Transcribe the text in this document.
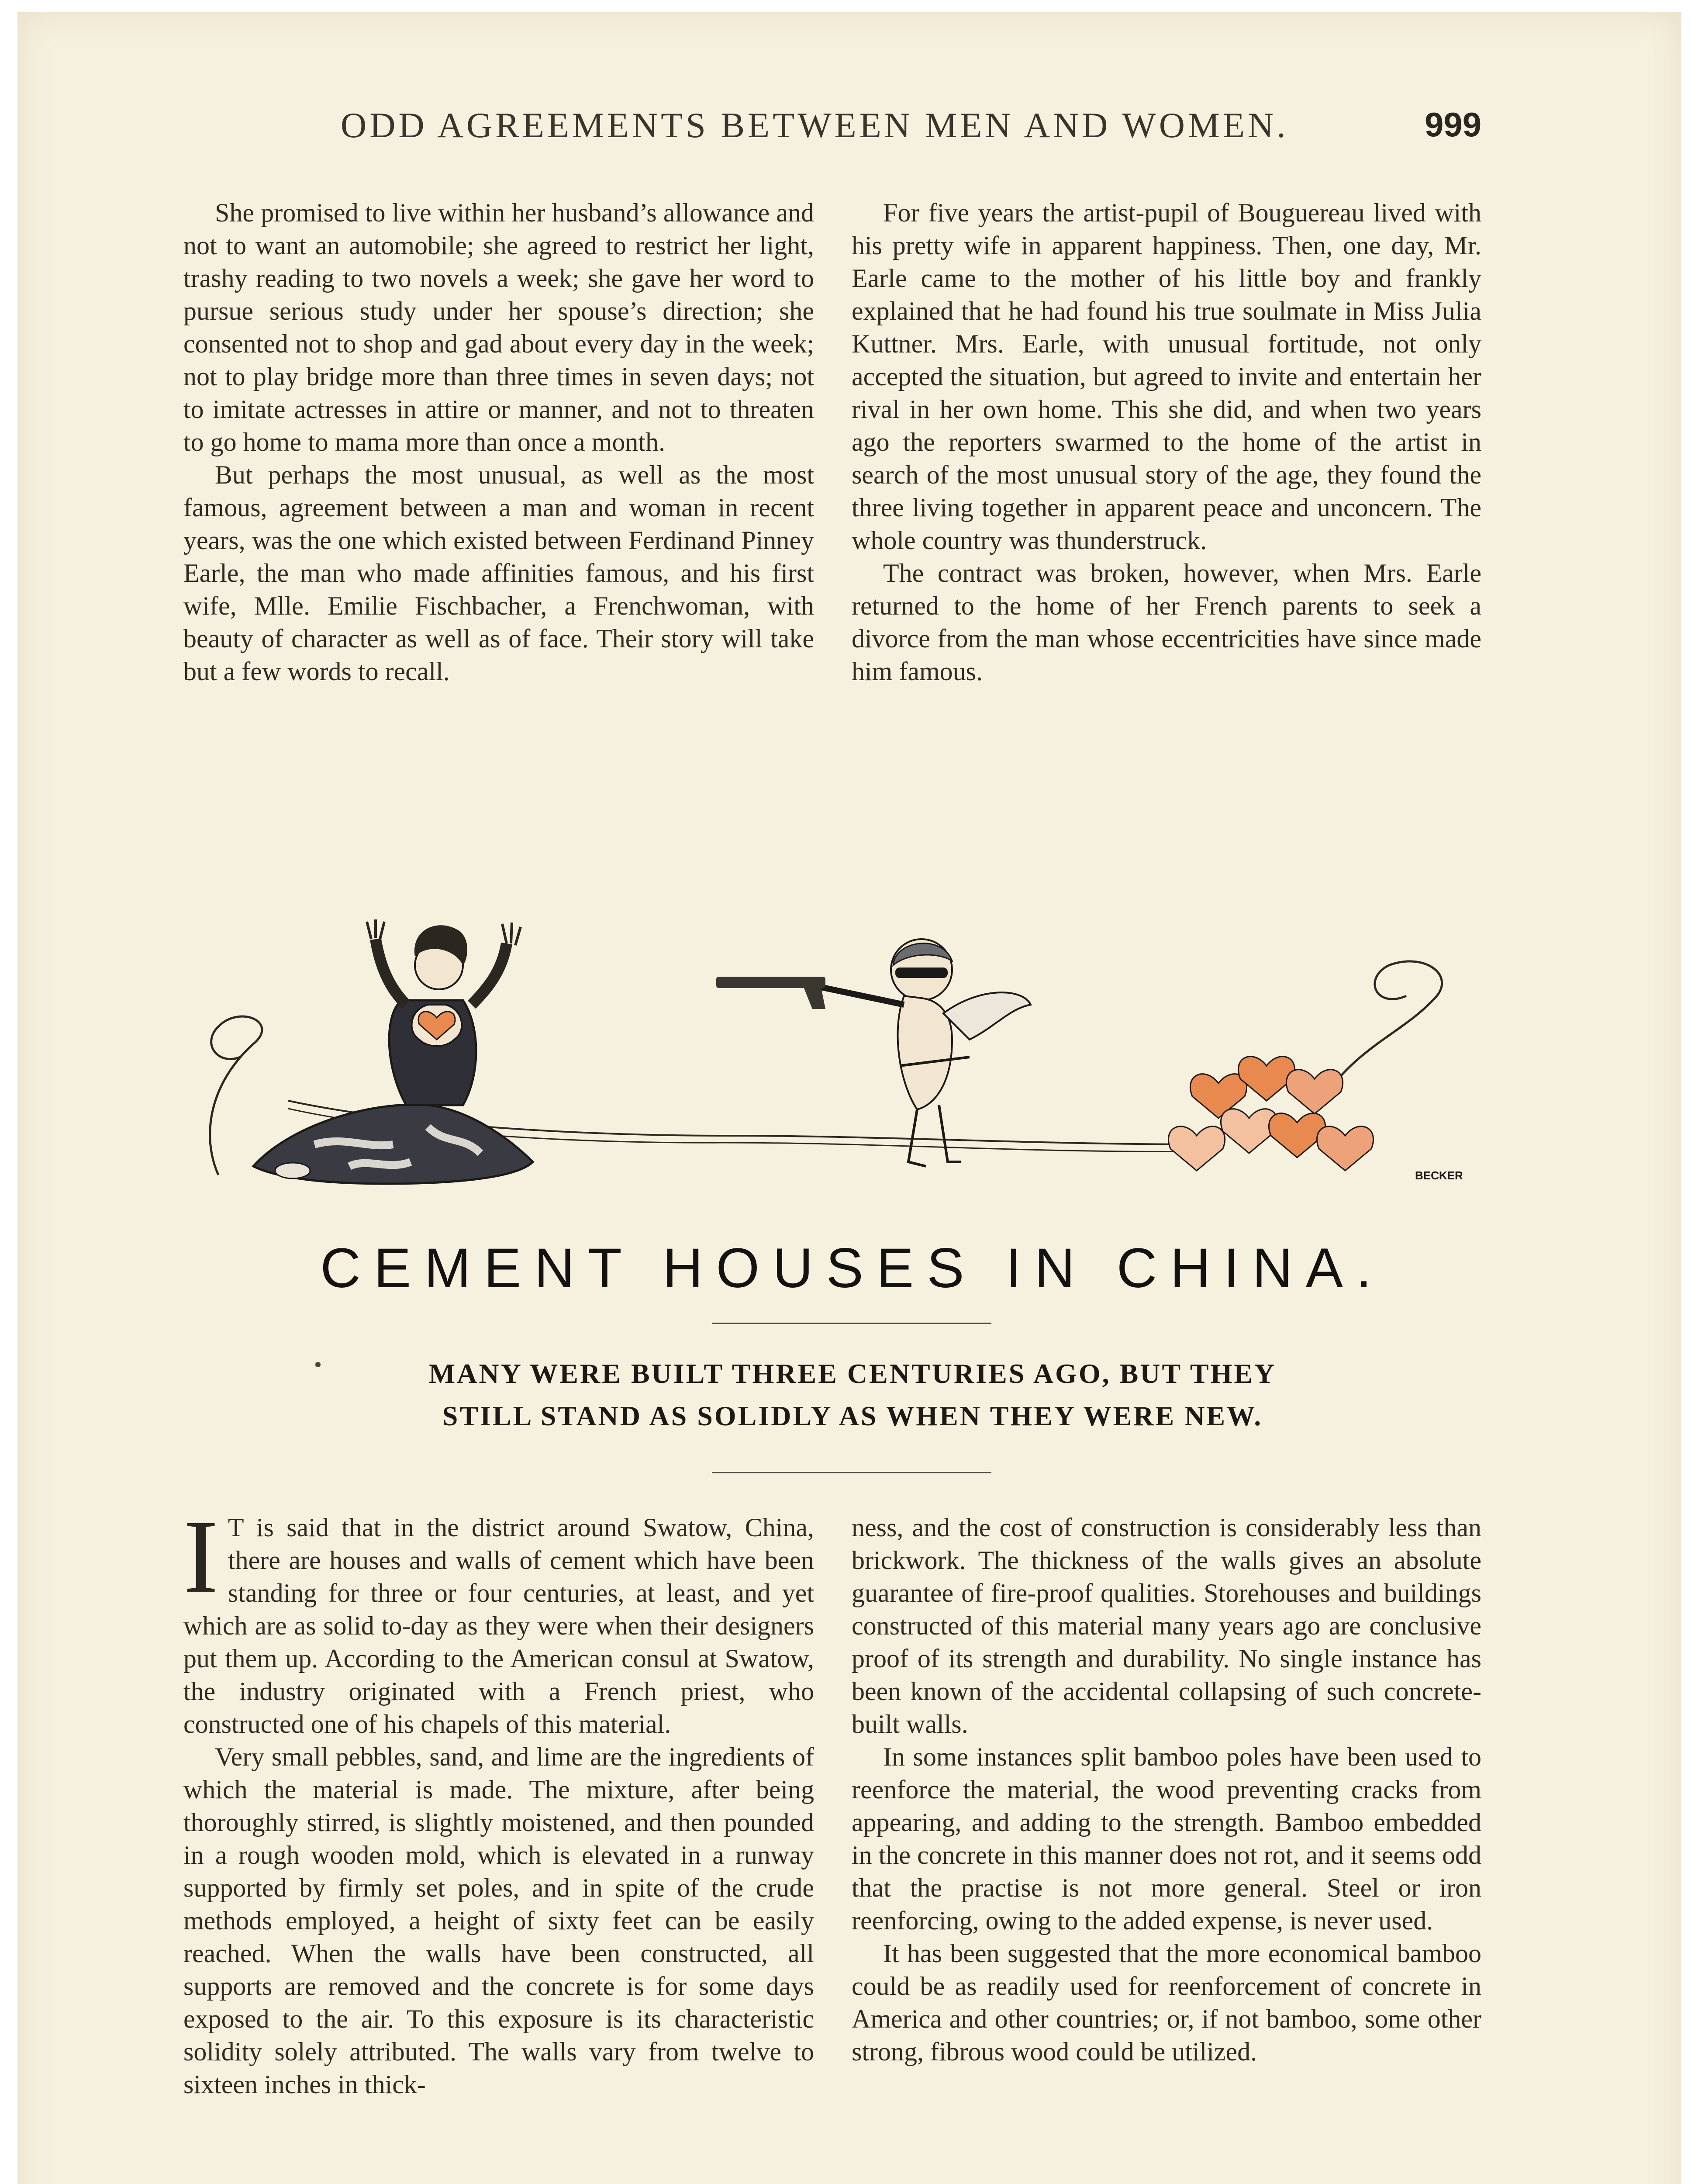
ODD AGREEMENTS BETWEEN MEN AND WOMEN.	999

She promised to live within her husband’s allowance and not to want an automobile; she agreed to restrict her light, trashy reading to two novels a week; she gave her word to pursue serious study under her spouse’s direction; she consented not to shop and gad about every day in the week; not to play bridge more than three times in seven days; not to imitate actresses in attire or manner, and not to threaten to go home to mama more than once a month.

But perhaps the most unusual, as well as the most famous, agreement between a man and woman in recent years, was the one which existed between Ferdinand Pinney Earle, the man who made affinities famous, and his first wife, Mlle. Emilie Fischbacher, a Frenchwoman, with beauty of character as well as of face. Their story will take but a few words to recall.

For five years the artist-pupil of Bouguereau lived with his pretty wife in apparent happiness. Then, one day, Mr. Earle came to the mother of his little boy and frankly explained that he had found his true soulmate in Miss Julia Kuttner. Mrs. Earle, with unusual fortitude, not only accepted the situation, but agreed to invite and entertain her rival in her own home. This she did, and when two years ago the reporters swarmed to the home of the artist in search of the most unusual story of the age, they found the three living together in apparent peace and unconcern. The whole country was thunderstruck.

The contract was broken, however, when Mrs. Earle returned to the home of her French parents to seek a divorce from the man whose eccentricities have since made him famous.

BECKER
CEMENT HOUSES IN CHINA.
MANY WERE BUILT THREE CENTURIES AGO, BUT THEY
STILL STAND AS SOLIDLY AS WHEN THEY WERE NEW.

I T is said that in the district around Swatow, China, there are houses and walls of cement which have been standing for three or four centuries, at least, and yet which are as solid to-day as they were when their designers put them up. According to the American consul at Swatow, the industry originated with a French priest, who constructed one of his chapels of this material.

Very small pebbles, sand, and lime are the ingredients of which the material is made. The mixture, after being thoroughly stirred, is slightly moistened, and then pounded in a rough wooden mold, which is elevated in a runway supported by firmly set poles, and in spite of the crude methods employed, a height of sixty feet can be easily reached. When the walls have been constructed, all supports are removed and the concrete is for some days exposed to the air. To this exposure is its characteristic solidity solely attributed. The walls vary from twelve to sixteen inches in thick-

ness, and the cost of construction is considerably less than brickwork. The thickness of the walls gives an absolute guarantee of fire-proof qualities. Storehouses and buildings constructed of this material many years ago are conclusive proof of its strength and durability. No single instance has been known of the accidental collapsing of such concrete-built walls.

In some instances split bamboo poles have been used to reenforce the material, the wood preventing cracks from appearing, and adding to the strength. Bamboo embedded in the concrete in this manner does not rot, and it seems odd that the practise is not more general. Steel or iron reenforcing, owing to the added expense, is never used.

It has been suggested that the more economical bamboo could be as readily used for reenforcement of concrete in America and other countries; or, if not bamboo, some other strong, fibrous wood could be utilized.
